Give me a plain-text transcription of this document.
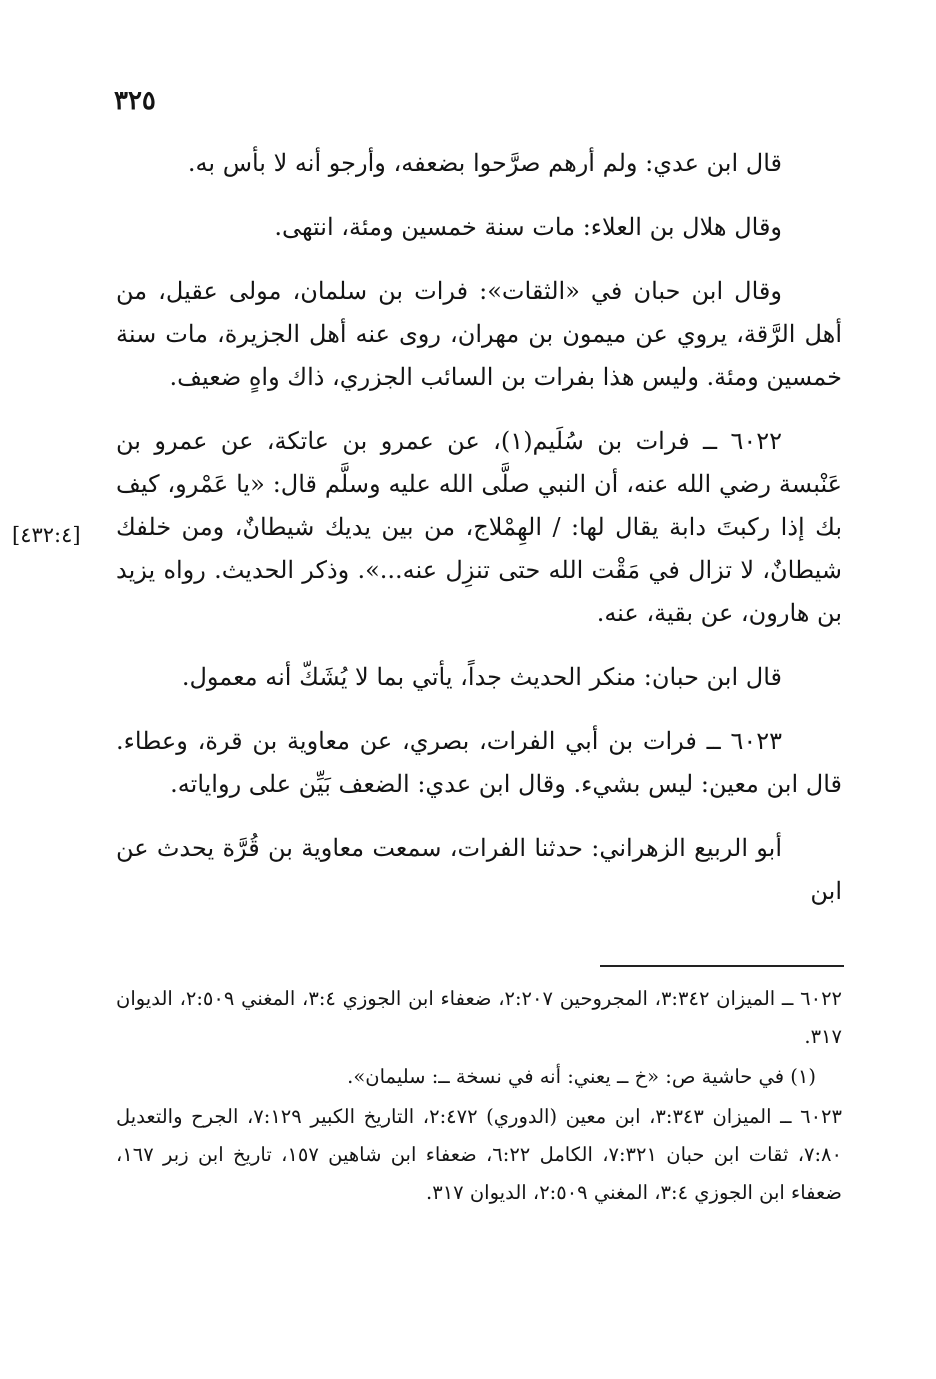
٣٢٥

قال ابن عدي: ولم أرهم صرَّحوا بضعفه، وأرجو أنه لا بأس به.

وقال هلال بن العلاء: مات سنة خمسين ومئة، انتهى.

وقال ابن حبان في «الثقات»: فرات بن سلمان، مولى عقيل، من أهل الرَّقة، يروي عن ميمون بن مهران، روى عنه أهل الجزيرة، مات سنة خمسين ومئة. وليس هذا بفرات بن السائب الجزري، ذاك واهٍ ضعيف.

٦٠٢٢ ــ فرات بن سُلَيم(١)، عن عمرو بن عاتكة، عن عمرو بن عَنْبسة رضي الله عنه، أن النبي صلَّى الله عليه وسلَّم قال: «يا عَمْرو، كيف بك إذا ركبتَ دابة يقال لها: / الهِمْلاج، من بين يديك شيطانٌ، ومن خلفك شيطانٌ، لا تزال في مَقْت الله حتى تنزِل عنه...». وذكر الحديث. رواه يزيد بن هارون، عن بقية، عنه.

قال ابن حبان: منكر الحديث جداً، يأتي بما لا يُشَكّ أنه معمول.

٦٠٢٣ ــ فرات بن أبي الفرات، بصري، عن معاوية بن قرة، وعطاء. قال ابن معين: ليس بشيء. وقال ابن عدي: الضعف بَيِّن على رواياته.

أبو الربيع الزهراني: حدثنا الفرات، سمعت معاوية بن قُرَّة يحدث عن ابن

[٤٣٢:٤]

٦٠٢٢ ــ الميزان ٣:٣٤٢، المجروحين ٢:٢٠٧، ضعفاء ابن الجوزي ٣:٤، المغني ٢:٥٠٩، الديوان ٣١٧.

(١) في حاشية ص: «خ ــ يعني: أنه في نسخة ــ: سليمان».

٦٠٢٣ ــ الميزان ٣:٣٤٣، ابن معين (الدوري) ٢:٤٧٢، التاريخ الكبير ٧:١٢٩، الجرح والتعديل ٧:٨٠، ثقات ابن حبان ٧:٣٢١، الكامل ٦:٢٢، ضعفاء ابن شاهين ١٥٧، تاريخ ابن زبر ١٦٧، ضعفاء ابن الجوزي ٣:٤، المغني ٢:٥٠٩، الديوان ٣١٧.
